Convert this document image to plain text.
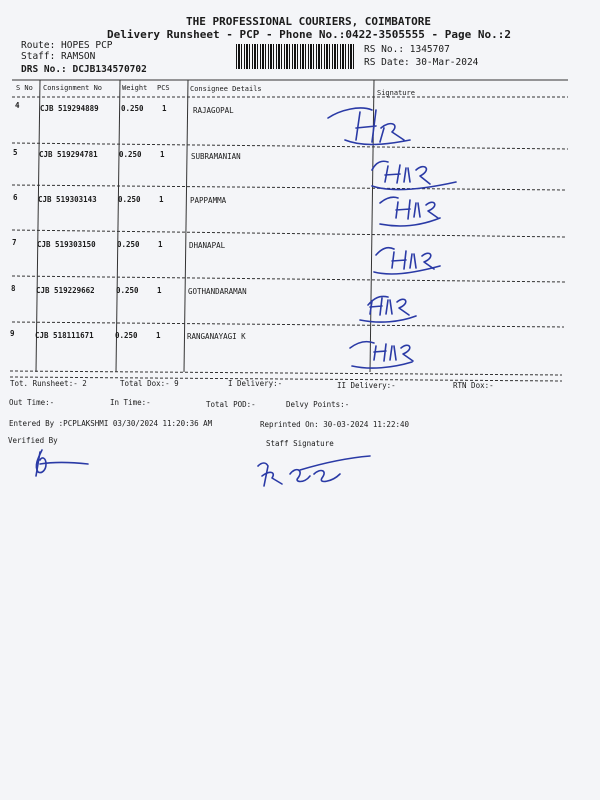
THE PROFESSIONAL COURIERS, COIMBATORE
Delivery Runsheet - PCP - Phone No.:0422-3505555 - Page No.:2
Route: HOPES PCP
Staff: RAMSON
DRS No.: DCJB134570702
RS No.: 1345707
RS Date: 30-Mar-2024
S No Consignment No	Weight PCS	Consignee Details	Signature
4	CJB 519294889	0.250 1	RAJAGOPAL
5	CJB 519294781	0.250 1	SUBRAMANIAN
6	CJB 519303143	0.250 1	PAPPAMMA
7	CJB 519303150	0.250 1	DHANAPAL
8	CJB 519229662	0.250 1	GOTHANDARAMAN
9	CJB 518111671	0.250 1	RANGANAYAGI K
Tot. Runsheet:- 2	Total Dox:- 9	I Delivery:-	II Delivery:-	RTN Dox:-
Out Time:-	In Time:-	Total POD:-	Delvy Points:-
Entered By :PCPLAKSHMI 03/30/2024 11:20:36 AM	Reprinted On: 30-03-2024 11:22:40
Verified By	Staff Signature
